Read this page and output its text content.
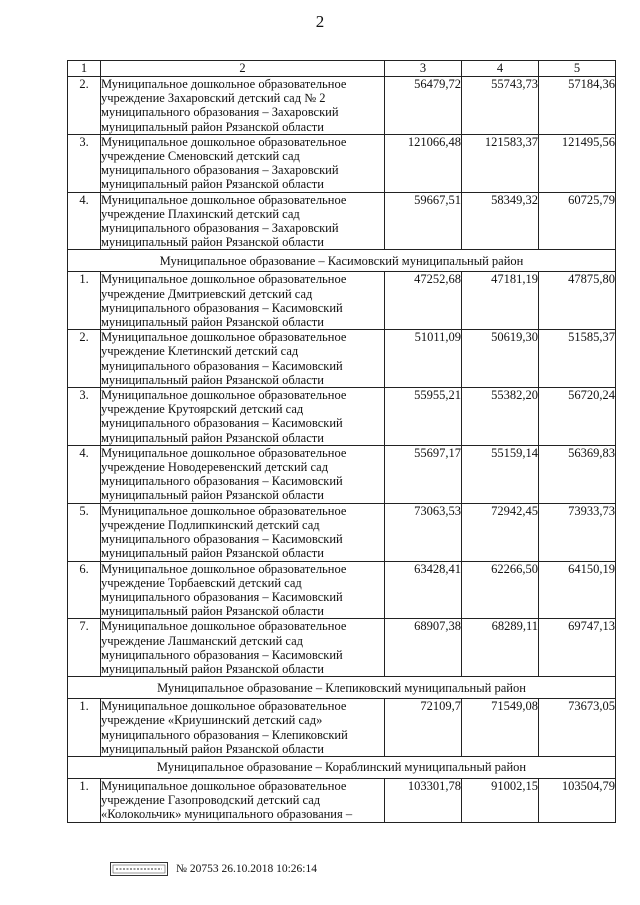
2
1	2	3	4	5
2.	Муниципальное дошкольное образовательное учреждение Захаровский детский сад № 2 муниципального образования – Захаровский муниципальный район Рязанской области	56479,72	55743,73	57184,36
3.	Муниципальное дошкольное образовательное учреждение Сменовский детский сад муниципального образования – Захаровский муниципальный район Рязанской области	121066,48	121583,37	121495,56
4.	Муниципальное дошкольное образовательное учреждение Плахинский детский сад муниципального образования – Захаровский муниципальный район Рязанской области	59667,51	58349,32	60725,79
Муниципальное образование – Касимовский муниципальный район				
1.	Муниципальное дошкольное образовательное учреждение Дмитриевский детский сад муниципального образования – Касимовский муниципальный район Рязанской области	47252,68	47181,19	47875,80
2.	Муниципальное дошкольное образовательное учреждение Клетинский детский сад муниципального образования – Касимовский муниципальный район Рязанской области	51011,09	50619,30	51585,37
3.	Муниципальное дошкольное образовательное учреждение Крутоярский детский сад муниципального образования – Касимовский муниципальный район Рязанской области	55955,21	55382,20	56720,24
4.	Муниципальное дошкольное образовательное учреждение Новодеревенский детский сад муниципального образования – Касимовский муниципальный район Рязанской области	55697,17	55159,14	56369,83
5.	Муниципальное дошкольное образовательное учреждение Подлипкинский детский сад муниципального образования – Касимовский муниципальный район Рязанской области	73063,53	72942,45	73933,73
6.	Муниципальное дошкольное образовательное учреждение Торбаевский детский сад муниципального образования – Касимовский муниципальный район Рязанской области	63428,41	62266,50	64150,19
7.	Муниципальное дошкольное образовательное учреждение Лашманский детский сад муниципального образования – Касимовский муниципальный район Рязанской области	68907,38	68289,11	69747,13
Муниципальное образование – Клепиковский муниципальный район				
1.	Муниципальное дошкольное образовательное учреждение «Криушинский детский сад» муниципального образования – Клепиковский муниципальный район Рязанской области	72109,7	71549,08	73673,05
Муниципальное образование – Кораблинский муниципальный район				
1.	Муниципальное дошкольное образовательное учреждение Газопроводский детский сад «Колокольчик» муниципального образования –	103301,78	91002,15	103504,79
№ 20753 26.10.2018 10:26:14
